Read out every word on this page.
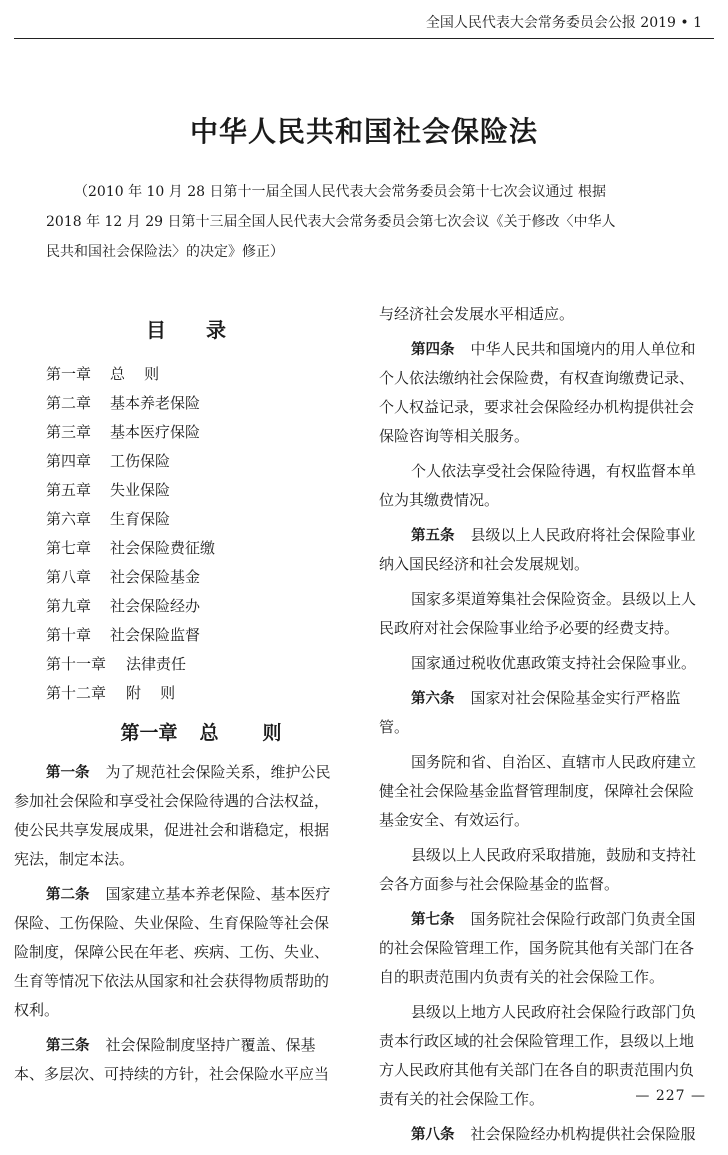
全国人民代表大会常务委员会公报 2019 • 1
中华人民共和国社会保险法
（2010 年 10 月 28 日第十一届全国人民代表大会常务委员会第十七次会议通过 根据
2018 年 12 月 29 日第十三届全国人民代表大会常务委员会第七次会议《关于修改〈中华人
民共和国社会保险法〉的决定》修正）
目录
第一章 总    则
第二章 基本养老保险
第三章 基本医疗保险
第四章 工伤保险
第五章 失业保险
第六章 生育保险
第七章 社会保险费征缴
第八章 社会保险基金
第九章 社会保险经办
第十章 社会保险监督
第十一章 法律责任
第十二章 附    则
第一章 总 则
第一条 为了规范社会保险关系，维护公民
参加社会保险和享受社会保险待遇的合法权益，
使公民共享发展成果，促进社会和谐稳定，根据
宪法，制定本法。
第二条 国家建立基本养老保险、基本医疗
保险、工伤保险、失业保险、生育保险等社会保
险制度，保障公民在年老、疾病、工伤、失业、
生育等情况下依法从国家和社会获得物质帮助的
权利。
第三条 社会保险制度坚持广覆盖、保基
本、多层次、可持续的方针，社会保险水平应当
与经济社会发展水平相适应。
第四条 中华人民共和国境内的用人单位和
个人依法缴纳社会保险费，有权查询缴费记录、
个人权益记录，要求社会保险经办机构提供社会
保险咨询等相关服务。
个人依法享受社会保险待遇，有权监督本单
位为其缴费情况。
第五条 县级以上人民政府将社会保险事业
纳入国民经济和社会发展规划。
国家多渠道筹集社会保险资金。县级以上人
民政府对社会保险事业给予必要的经费支持。
国家通过税收优惠政策支持社会保险事业。
第六条 国家对社会保险基金实行严格监
管。
国务院和省、自治区、直辖市人民政府建立
健全社会保险基金监督管理制度，保障社会保险
基金安全、有效运行。
县级以上人民政府采取措施，鼓励和支持社
会各方面参与社会保险基金的监督。
第七条 国务院社会保险行政部门负责全国
的社会保险管理工作，国务院其他有关部门在各
自的职责范围内负责有关的社会保险工作。
县级以上地方人民政府社会保险行政部门负
责本行政区域的社会保险管理工作，县级以上地
方人民政府其他有关部门在各自的职责范围内负
责有关的社会保险工作。
第八条 社会保险经办机构提供社会保险服
— 227 —
